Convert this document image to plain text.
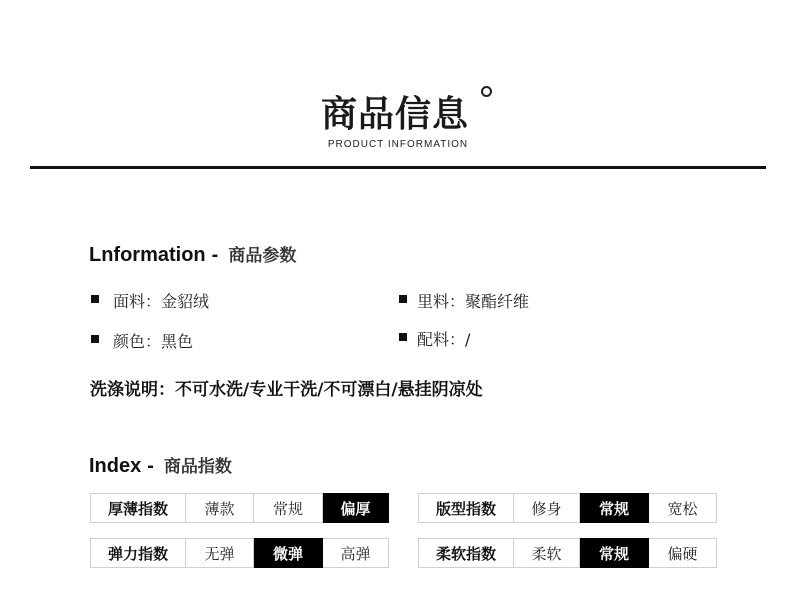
商品信息
PRODUCT INFORMATION
Lnformation - 商品参数
面料：金貂绒	里料：聚酯纤维
颜色：黑色	配料：/
洗涤说明：不可水洗/专业干洗/不可漂白/悬挂阴凉处
Index - 商品指数
厚薄指数	薄款	常规	偏厚	版型指数	修身	常规	宽松
弹力指数	无弹	微弹	高弹	柔软指数	柔软	常规	偏硬
